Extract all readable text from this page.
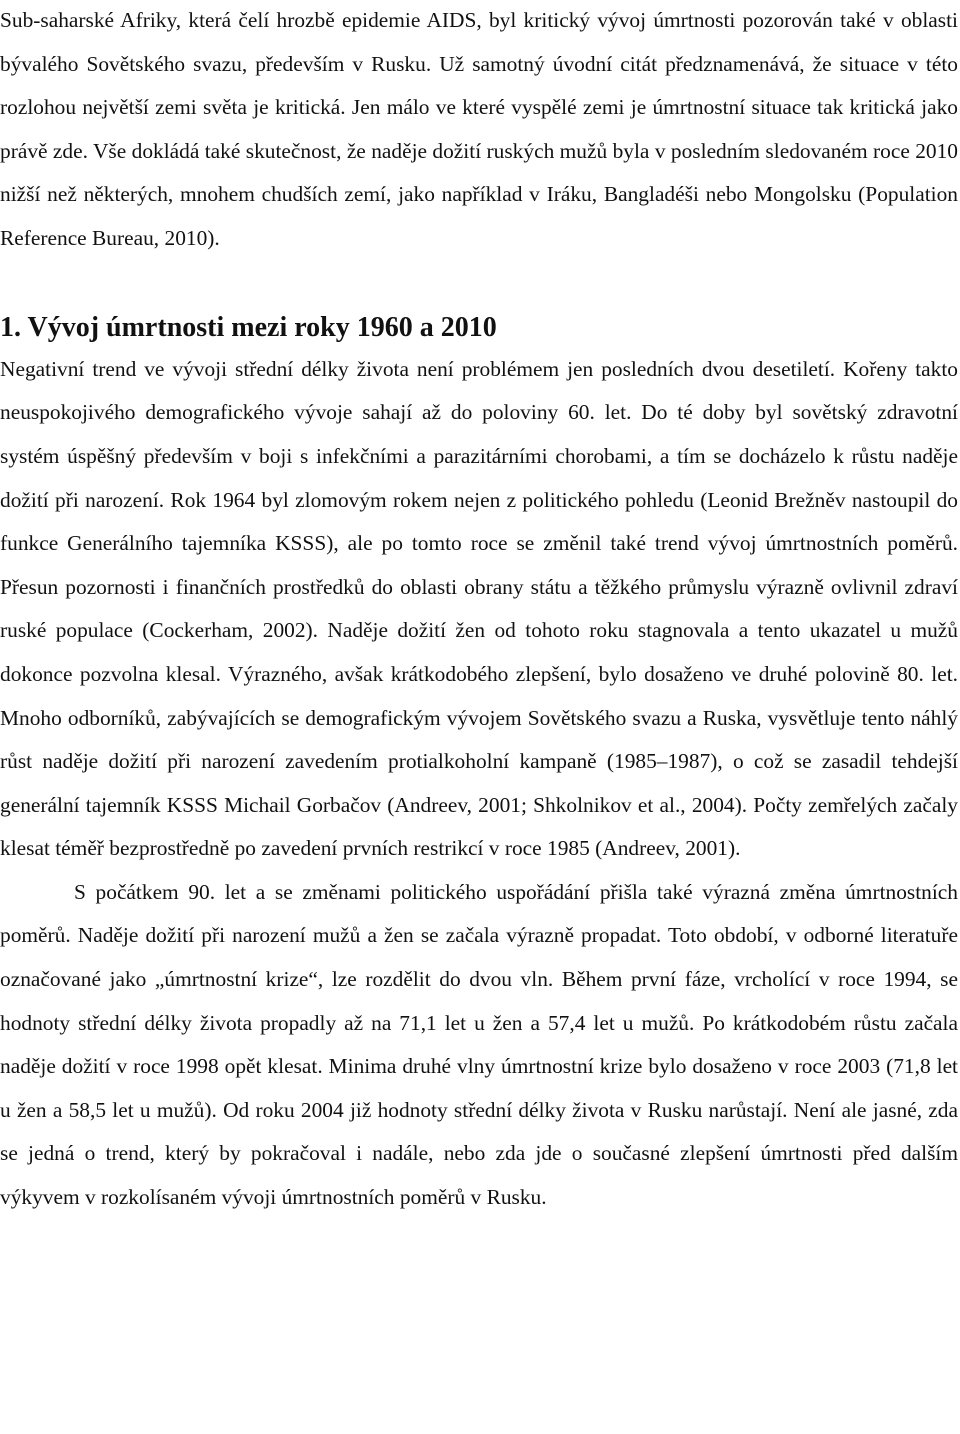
Sub-saharské Afriky, která čelí hrozbě epidemie AIDS, byl kritický vývoj úmrtnosti pozorován také v oblasti bývalého Sovětského svazu, především v Rusku. Už samotný úvodní citát předznamenává, že situace v této rozlohou největší zemi světa je kritická. Jen málo ve které vyspělé zemi je úmrtnostní situace tak kritická jako právě zde. Vše dokládá také skutečnost, že naděje dožití ruských mužů byla v posledním sledovaném roce 2010 nižší než některých, mnohem chudších zemí, jako například v Iráku, Bangladéši nebo Mongolsku (Population Reference Bureau, 2010).

1. Vývoj úmrtnosti mezi roky 1960 a 2010

Negativní trend ve vývoji střední délky života není problémem jen posledních dvou desetiletí. Kořeny takto neuspokojivého demografického vývoje sahají až do poloviny 60. let. Do té doby byl sovětský zdravotní systém úspěšný především v boji s infekčními a parazitárními chorobami, a tím se docházelo k růstu naděje dožití při narození. Rok 1964 byl zlomovým rokem nejen z politického pohledu (Leonid Brežněv nastoupil do funkce Generálního tajemníka KSSS), ale po tomto roce se změnil také trend vývoj úmrtnostních poměrů. Přesun pozornosti i finančních prostředků do oblasti obrany státu a těžkého průmyslu výrazně ovlivnil zdraví ruské populace (Cockerham, 2002). Naděje dožití žen od tohoto roku stagnovala a tento ukazatel u mužů dokonce pozvolna klesal. Výrazného, avšak krátkodobého zlepšení, bylo dosaženo ve druhé polovině 80. let. Mnoho odborníků, zabývajících se demografickým vývojem Sovětského svazu a Ruska, vysvětluje tento náhlý růst naděje dožití při narození zavedením protialkoholní kampaně (1985–1987), o což se zasadil tehdejší generální tajemník KSSS Michail Gorbačov (Andreev, 2001; Shkolnikov et al., 2004). Počty zemřelých začaly klesat téměř bezprostředně po zavedení prvních restrikcí v roce 1985 (Andreev, 2001).

S počátkem 90. let a se změnami politického uspořádání přišla také výrazná změna úmrtnostních poměrů. Naděje dožití při narození mužů a žen se začala výrazně propadat. Toto období, v odborné literatuře označované jako „úmrtnostní krize“, lze rozdělit do dvou vln. Během první fáze, vrcholící v roce 1994, se hodnoty střední délky života propadly až na 71,1 let u žen a 57,4 let u mužů. Po krátkodobém růstu začala naděje dožití v roce 1998 opět klesat. Minima druhé vlny úmrtnostní krize bylo dosaženo v roce 2003 (71,8 let u žen a 58,5 let u mužů). Od roku 2004 již hodnoty střední délky života v Rusku narůstají. Není ale jasné, zda se jedná o trend, který by pokračoval i nadále, nebo zda jde o současné zlepšení úmrtnosti před dalším výkyvem v rozkolísaném vývoji úmrtnostních poměrů v Rusku.
